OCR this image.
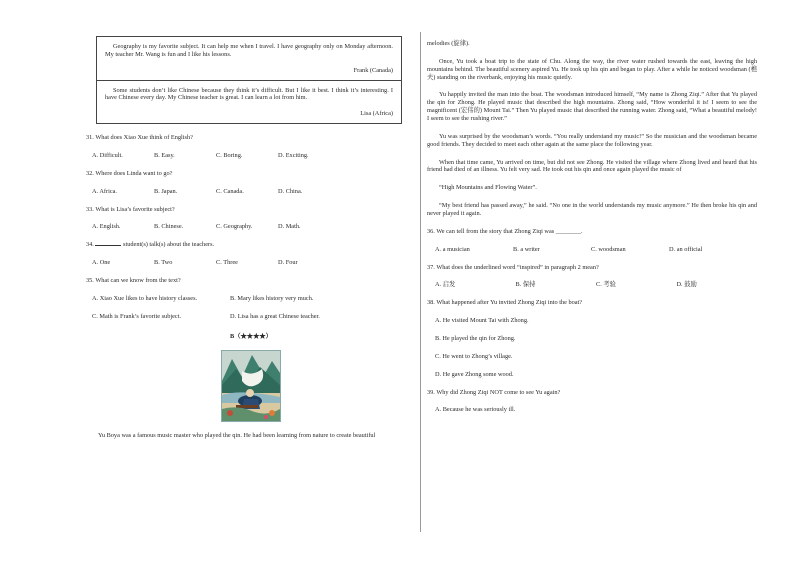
Geography is my favorite subject. It can help me when I travel. I have geography only on Monday afternoon. My teacher Mr. Wang is fun and I like his lessons.

Frank (Canada)

Some students don’t like Chinese because they think it’s difficult. But I like it best. I think it’s interesting. I have Chinese every day. My Chinese teacher is great. I can learn a lot from him.

Lisa (Africa)
31. What does Xiao Xue think of English?
A. Difficult.	B. Easy.	C. Boring.	D. Exciting.
32. Where does Linda want to go?
A. Africa.	B. Japan.	C. Canada.	D. China.
33. What is Lisa’s favorite subject?
A. English.	B. Chinese.	C. Geography.	D. Math.
34.	student(s) talk(s) about the teachers.
A. One	B. Two	C. Three	D. Four
35. What can we know from the text?
A. Xiao Xue likes to have history classes.	B. Mary likes history very much.
C. Math is Frank’s favorite subject.	D. Lisa has a great Chinese teacher.
B（★★★★）

Yu Boya was a famous music master who played the qin. He had been learning from nature to create beautiful

melodies (旋律).

Once, Yu took a boat trip to the state of Chu. Along the way, the river water rushed towards the east, leaving the high mountains behind. The beautiful scenery aspired Yu. He took up his qin and began to play. After a while he noticed woodsman (樵夫) standing on the riverbank, enjoying his music quietly.

Yu happily invited the man into the boat. The woodsman introduced himself, “My name is Zhong Ziqi.” After that Yu played the qin for Zhong. He played music that described the high mountains. Zhong said, “How wonderful it is! I seem to see the magnificent (宏伟的) Mount Tai.” Then Yu played music that described the running water. Zhong said, “What a beautiful melody! I seem to see the rushing river.”

Yu was surprised by the woodsman’s words. “You really understand my music!” So the musician and the woodsman became good friends. They decided to meet each other again at the same place the following year.

When that time came, Yu arrived on time, but did not see Zhong. He visited the village where Zhong lived and heard that his friend had died of an illness. Yu felt very sad. He took out his qin and once again played the music of

“High Mountains and Flowing Water”.

“My best friend has passed away,” he said. “No one in the world understands my music anymore.” He then broke his qin and never played it again.

36. We can tell from the story that Zhong Ziqi was ________.
A. a musician	B. a writer	C. woodsman	D. an official
37. What does the underlined word “inspired” in paragraph 2 mean?
A. 启发	B. 保持	C. 考验	D. 鼓励
38. What happened after Yu invited Zhong Ziqi into the boat?
A. He visited Mount Tai with Zhong.
B. He played the qin for Zhong.
C. He went to Zhong’s village.
D. He gave Zhong some wood.
39. Why did Zhong Ziqi NOT come to see Yu again?
A. Because he was seriously ill.
